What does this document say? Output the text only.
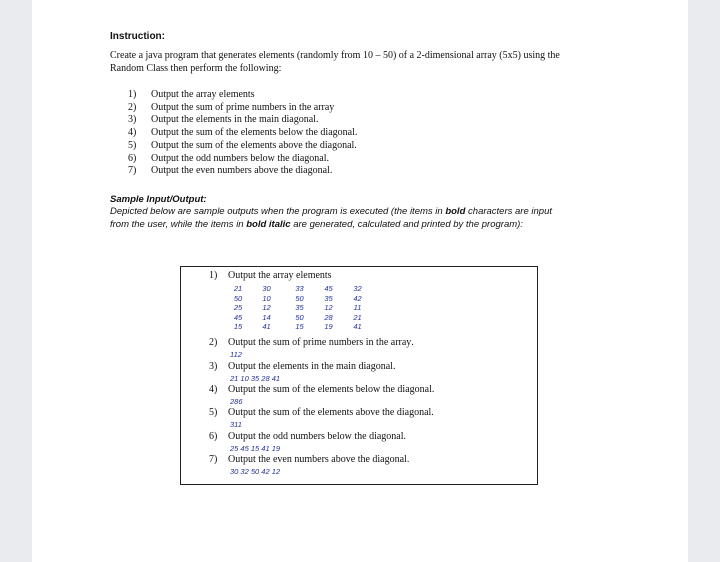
Instruction:
Create a java program that generates elements (randomly from 10 – 50) of a 2-dimensional array (5x5) using the Random Class then perform the following:
1)	Output the array elements
2)	Output the sum of prime numbers in the array
3)	Output the elements in the main diagonal.
4)	Output the sum of the elements below the diagonal.
5)	Output the sum of the elements above the diagonal.
6)	Output the odd numbers below the diagonal.
7)	Output the even numbers above the diagonal.
Sample Input/Output:
Depicted below are sample outputs when the program is executed (the items in bold characters are input from the user, while the items in bold italic are generated, calculated and printed by the program):
1)	Output the array elements
21	30	33	45	32
50	10	50	35	42
25	12	35	12	11
45	14	50	28	21
15	41	15	19	41
2)	Output the sum of prime numbers in the array .
112
3)	Output the elements in the main diagonal.
21 10 35 28 41
4)	Output the sum of the elements below the diagonal.
286
5)	Output the sum of the elements above the diagonal.
311
6)	Output the odd numbers below the diagonal.
25 45 15 41 19
7)	Output the even numbers above the diagonal.
30 32 50 42 12
